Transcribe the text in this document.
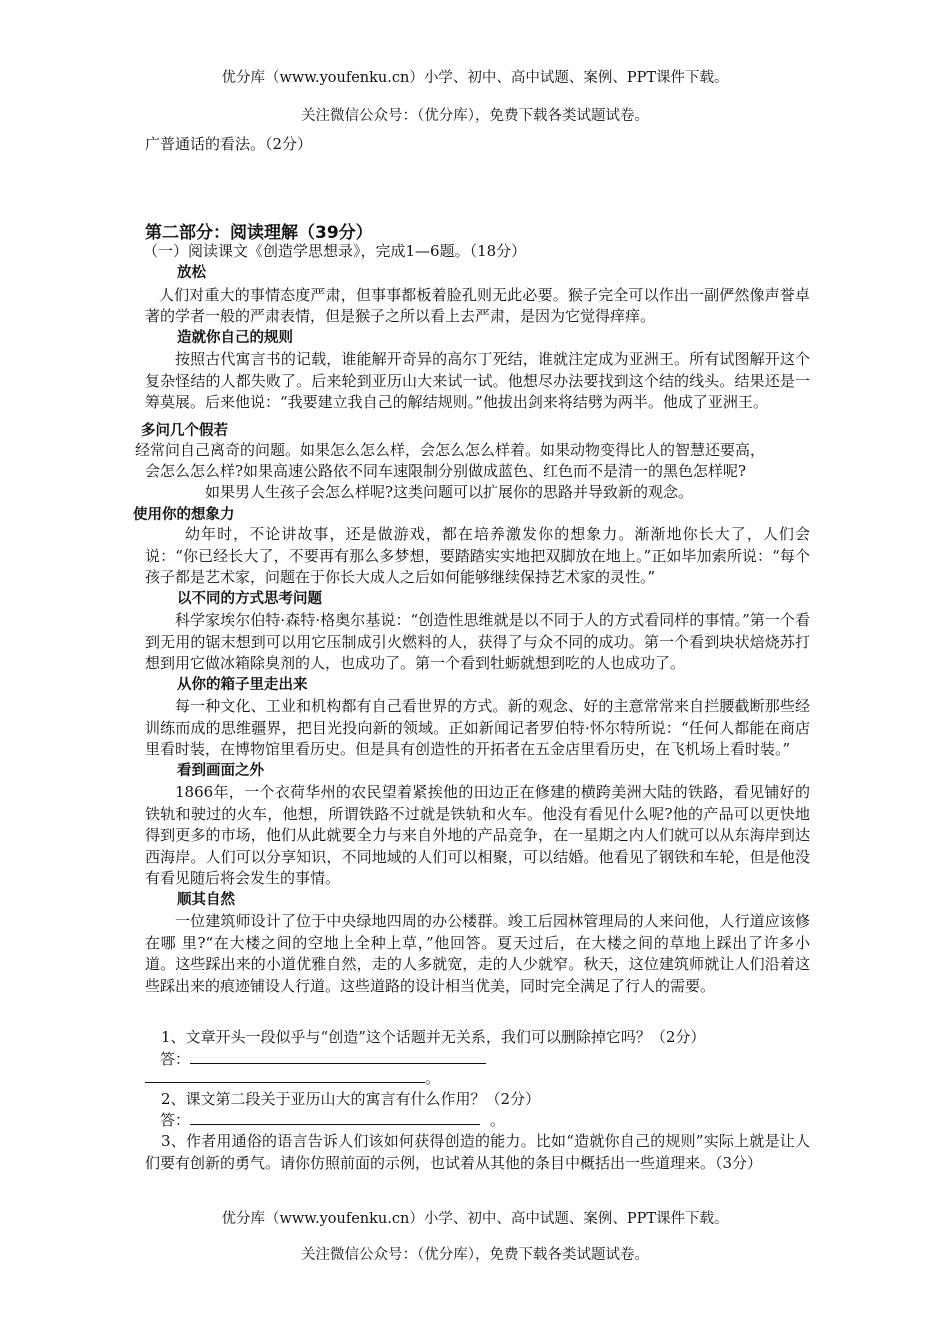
优分库（www.youfenku.cn）小学、初中、高中试题、案例、PPT课件下载。
关注微信公众号：（优分库），免费下载各类试题试卷。
广普通话的看法。（2分）
第二部分：阅读理解（39分）
（一）阅读课文《创造学思想录》，完成1—6题。（18分）

放松

人们对重大的事情态度严肃，但事事都板着脸孔则无此必要。猴子完全可以作出一副俨然像声誉卓著的学者一般的严肃表情，但是猴子之所以看上去严肃，是因为它觉得痒痒。

造就你自己的规则

按照古代寓言书的记载，谁能解开奇异的高尔丁死结，谁就注定成为亚洲王。所有试图解开这个复杂怪结的人都失败了。后来轮到亚历山大来试一试。他想尽办法要找到这个结的线头。结果还是一筹莫展。后来他说：“我要建立我自己的解结规则。”他拔出剑来将结劈为两半。他成了亚洲王。

多问几个假若
经常问自己离奇的问题。如果怎么怎么样，会怎么怎么样着。如果动物变得比人的智慧还要高，
会怎么怎么样?如果高速公路依不同车速限制分别做成蓝色、红色而不是清一的黑色怎样呢?
如果男人生孩子会怎么样呢?这类问题可以扩展你的思路并导致新的观念。
使用你的想象力

幼年时，不论讲故事，还是做游戏，都在培养激发你的想象力。渐渐地你长大了，人们会说：“你已经长大了，不要再有那么多梦想，要踏踏实实地把双脚放在地上。”正如毕加索所说：“每个孩子都是艺术家，问题在于你长大成人之后如何能够继续保持艺术家的灵性。”

以不同的方式思考问题

科学家埃尔伯特·森特·格奥尔基说：“创造性思维就是以不同于人的方式看同样的事情。”第一个看到无用的锯末想到可以用它压制成引火燃料的人，获得了与众不同的成功。第一个看到块状焙烧苏打想到用它做冰箱除臭剂的人，也成功了。第一个看到牡蛎就想到吃的人也成功了。

从你的箱子里走出来

每一种文化、工业和机构都有自己看世界的方式。新的观念、好的主意常常来自拦腰截断那些经训练而成的思维疆界，把目光投向新的领域。正如新闻记者罗伯特·怀尔特所说：“任何人都能在商店里看时装，在博物馆里看历史。但是具有创造性的开拓者在五金店里看历史，在飞机场上看时装。”

看到画面之外

1866年，一个衣荷华州的农民望着紧挨他的田边正在修建的横跨美洲大陆的铁路，看见铺好的铁轨和驶过的火车，他想，所谓铁路不过就是铁轨和火车。他没有看见什么呢?他的产品可以更快地得到更多的市场，他们从此就要全力与来自外地的产品竞争，在一星期之内人们就可以从东海岸到达西海岸。人们可以分享知识，不同地域的人们可以相聚，可以结婚。他看见了钢铁和车轮，但是他没有看见随后将会发生的事情。

顺其自然

一位建筑师设计了位于中央绿地四周的办公楼群。竣工后园林管理局的人来问他，人行道应该修在哪 里?“在大楼之间的空地上全种上草，”他回答。夏天过后，在大楼之间的草地上踩出了许多小道。这些踩出来的小道优雅自然，走的人多就宽，走的人少就窄。秋天，这位建筑师就让人们沿着这些踩出来的痕迹铺设人行道。这些道路的设计相当优美，同时完全满足了行人的需要。

1、文章开头一段似乎与“创造”这个话题并无关系，我们可以删除掉它吗？（2分）

答：
。

2、课文第二段关于亚历山大的寓言有什么作用？（2分）

答：	。

3、作者用通俗的语言告诉人们该如何获得创造的能力。比如“造就你自己的规则”实际上就是让人们要有创新的勇气。请你仿照前面的示例，也试着从其他的条目中概括出一些道理来。（3分）

优分库（www.youfenku.cn）小学、初中、高中试题、案例、PPT课件下载。
关注微信公众号：（优分库），免费下载各类试题试卷。
